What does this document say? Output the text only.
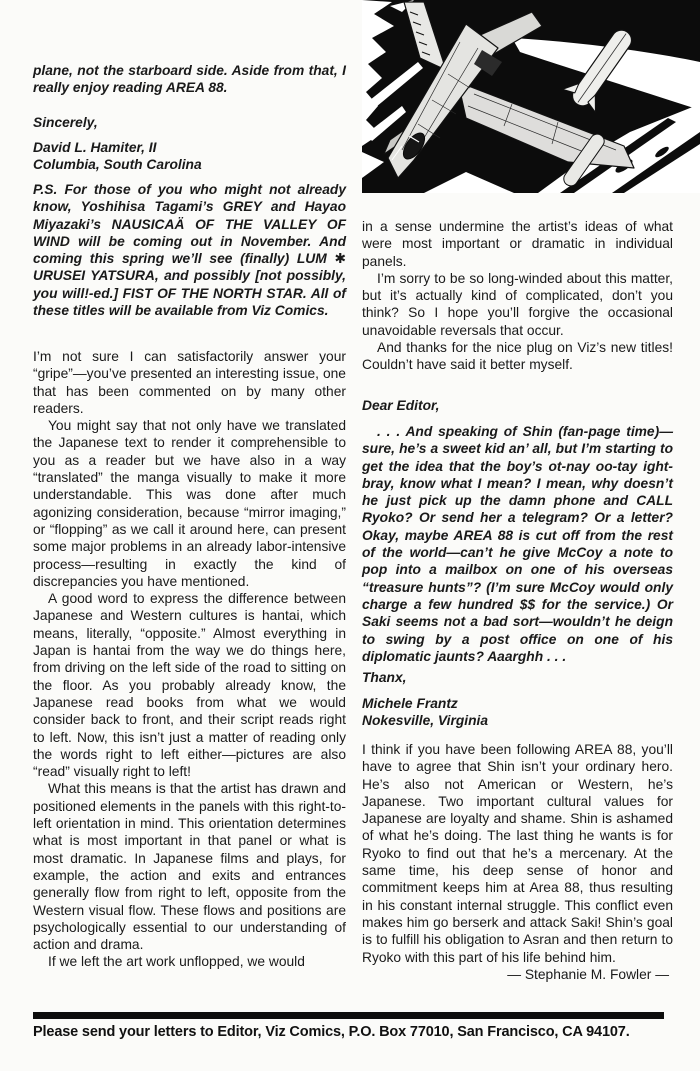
plane, not the starboard side. Aside from that, I really enjoy reading AREA 88.
Sincerely,

David L. Hamiter, II

Columbia, South Carolina

P.S. For those of you who might not already know, Yoshihisa Tagami’s GREY and Hayao Miyazaki’s NAUSICAÄ OF THE VALLEY OF WIND will be coming out in November. And coming this spring we’ll see (finally) LUM ✱ URUSEI YATSURA, and possibly [not possibly, you will!-ed.] FIST OF THE NORTH STAR. All of these titles will be available from Viz Comics.

I’m not sure I can satisfactorily answer your “gripe”—you’ve presented an interesting issue, one that has been commented on by many other readers.

You might say that not only have we translated the Japanese text to render it comprehensible to you as a reader but we have also in a way “translated” the manga visually to make it more understandable. This was done after much agonizing consideration, because “mirror imaging,” or “flopping” as we call it around here, can present some major problems in an already labor-intensive process—resulting in exactly the kind of discrepancies you have mentioned.

A good word to express the difference between Japanese and Western cultures is hantai, which means, literally, “opposite.” Almost everything in Japan is hantai from the way we do things here, from driving on the left side of the road to sitting on the floor. As you probably already know, the Japanese read books from what we would consider back to front, and their script reads right to left. Now, this isn’t just a matter of reading only the words right to left either—pictures are also “read” visually right to left!

What this means is that the artist has drawn and positioned elements in the panels with this right-to-left orientation in mind. This orientation determines what is most important in that panel or what is most dramatic. In Japanese films and plays, for example, the action and exits and entrances generally flow from right to left, opposite from the Western visual flow. These flows and positions are psychologically essential to our understanding of action and drama.

If we left the art work unflopped, we would

in a sense undermine the artist’s ideas of what were most important or dramatic in individual panels.

I’m sorry to be so long-winded about this matter, but it’s actually kind of complicated, don’t you think? So I hope you’ll forgive the occasional unavoidable reversals that occur.

And thanks for the nice plug on Viz’s new titles! Couldn’t have said it better myself.

Dear Editor,
. . . And speaking of Shin (fan-page time)—sure, he’s a sweet kid an’ all, but I’m starting to get the idea that the boy’s ot-nay oo-tay ight-bray, know what I mean? I mean, why doesn’t he just pick up the damn phone and CALL Ryoko? Or send her a telegram? Or a letter? Okay, maybe AREA 88 is cut off from the rest of the world—can’t he give McCoy a note to pop into a mailbox on one of his overseas “treasure hunts”? (I’m sure McCoy would only charge a few hundred $$ for the service.) Or Saki seems not a bad sort—wouldn’t he deign to swing by a post office on one of his diplomatic jaunts? Aaarghh . . .
Thanx,

Michele Frantz

Nokesville, Virginia

I think if you have been following AREA 88, you’ll have to agree that Shin isn’t your ordinary hero. He’s also not American or Western, he’s Japanese. Two important cultural values for Japanese are loyalty and shame. Shin is ashamed of what he’s doing. The last thing he wants is for Ryoko to find out that he’s a mercenary. At the same time, his deep sense of honor and commitment keeps him at Area 88, thus resulting in his constant internal struggle. This conflict even makes him go berserk and attack Saki! Shin’s goal is to fulfill his obligation to Asran and then return to Ryoko with this part of his life behind him.

— Stephanie M. Fowler —

Please send your letters to Editor, Viz Comics, P.O. Box 77010, San Francisco, CA 94107.
